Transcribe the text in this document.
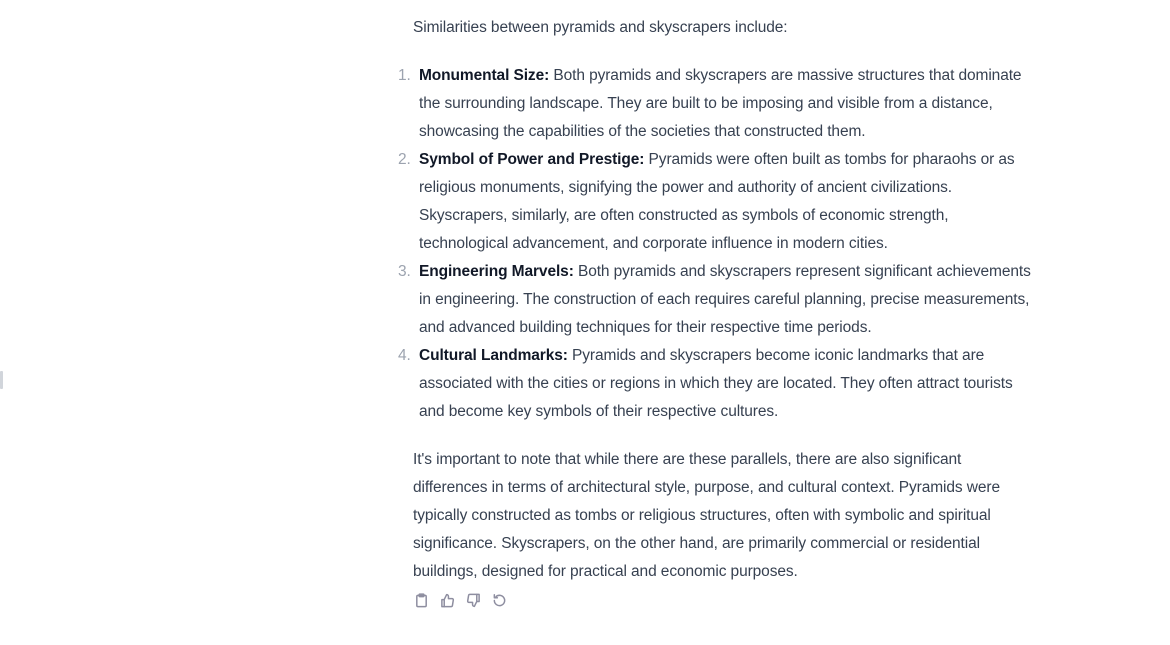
Similarities between pyramids and skyscrapers include:

1. Monumental Size: Both pyramids and skyscrapers are massive structures that dominate the surrounding landscape. They are built to be imposing and visible from a distance, showcasing the capabilities of the societies that constructed them.
2. Symbol of Power and Prestige: Pyramids were often built as tombs for pharaohs or as religious monuments, signifying the power and authority of ancient civilizations. Skyscrapers, similarly, are often constructed as symbols of economic strength, technological advancement, and corporate influence in modern cities.
3. Engineering Marvels: Both pyramids and skyscrapers represent significant achievements in engineering. The construction of each requires careful planning, precise measurements, and advanced building techniques for their respective time periods.
4. Cultural Landmarks: Pyramids and skyscrapers become iconic landmarks that are associated with the cities or regions in which they are located. They often attract tourists and become key symbols of their respective cultures.

It's important to note that while there are these parallels, there are also significant differences in terms of architectural style, purpose, and cultural context. Pyramids were typically constructed as tombs or religious structures, often with symbolic and spiritual significance. Skyscrapers, on the other hand, are primarily commercial or residential buildings, designed for practical and economic purposes.
